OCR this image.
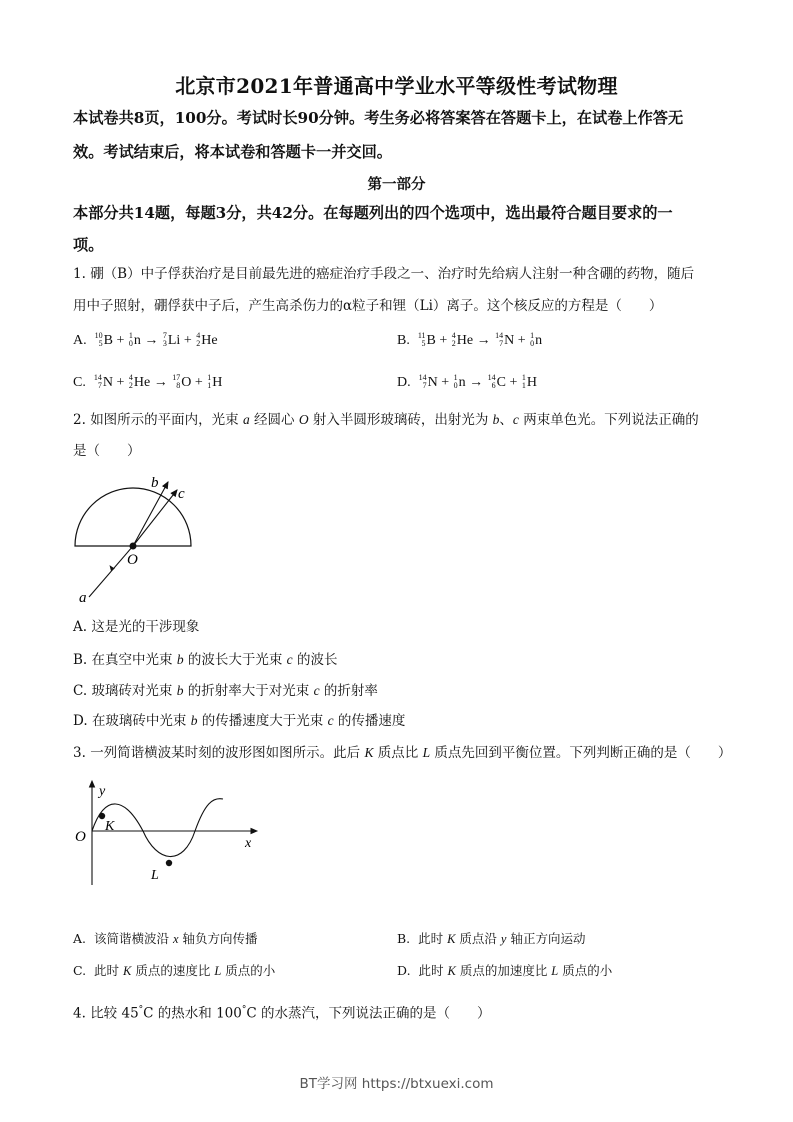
北京市2021年普通高中学业水平等级性考试物理
本试卷共8页，100分。考试时长90分钟。考生务必将答案答在答题卡上，在试卷上作答无
效。考试结束后，将本试卷和答题卡一并交回。
第一部分
本部分共14题，每题3分，共42分。在每题列出的四个选项中，选出最符合题目要求的一
项。
1. 硼（B）中子俘获治疗是目前最先进的癌症治疗手段之一、治疗时先给病人注射一种含硼的药物，随后
用中子照射，硼俘获中子后，产生高杀伤力的α粒子和锂（Li）离子。这个核反应的方程是（　　）
A. 10
5 B + 1
0 n → 7
3 Li + 4
2 He	B. 11
5 B + 4
2 He → 14
7 N + 1
0 n
C. 14
7 N + 4
2 He → 17
8 O + 1
1 H	D. 14
7 N + 1
0 n → 14
6 C + 1
1 H
2. 如图所示的平面内，光束 a 经圆心 O 射入半圆形玻璃砖，出射光为 b、c 两束单色光。下列说法正确的
是（　　）
b
c
O
a
A. 这是光的干涉现象
B. 在真空中光束 b 的波长大于光束 c 的波长
C. 玻璃砖对光束 b 的折射率大于对光束 c 的折射率
D. 在玻璃砖中光束 b 的传播速度大于光束 c 的传播速度
3. 一列简谐横波某时刻的波形图如图所示。此后 K 质点比 L 质点先回到平衡位置。下列判断正确的是（　　）
y
x
O
K
L
A. 该简谐横波沿 x 轴负方向传播	B. 此时 K 质点沿 y 轴正方向运动
C. 此时 K 质点的速度比 L 质点的小	D. 此时 K 质点的加速度比 L 质点的小
4. 比较 45°C 的热水和 100°C 的水蒸汽，下列说法正确的是（　　）
BT学习网 https://btxuexi.com
